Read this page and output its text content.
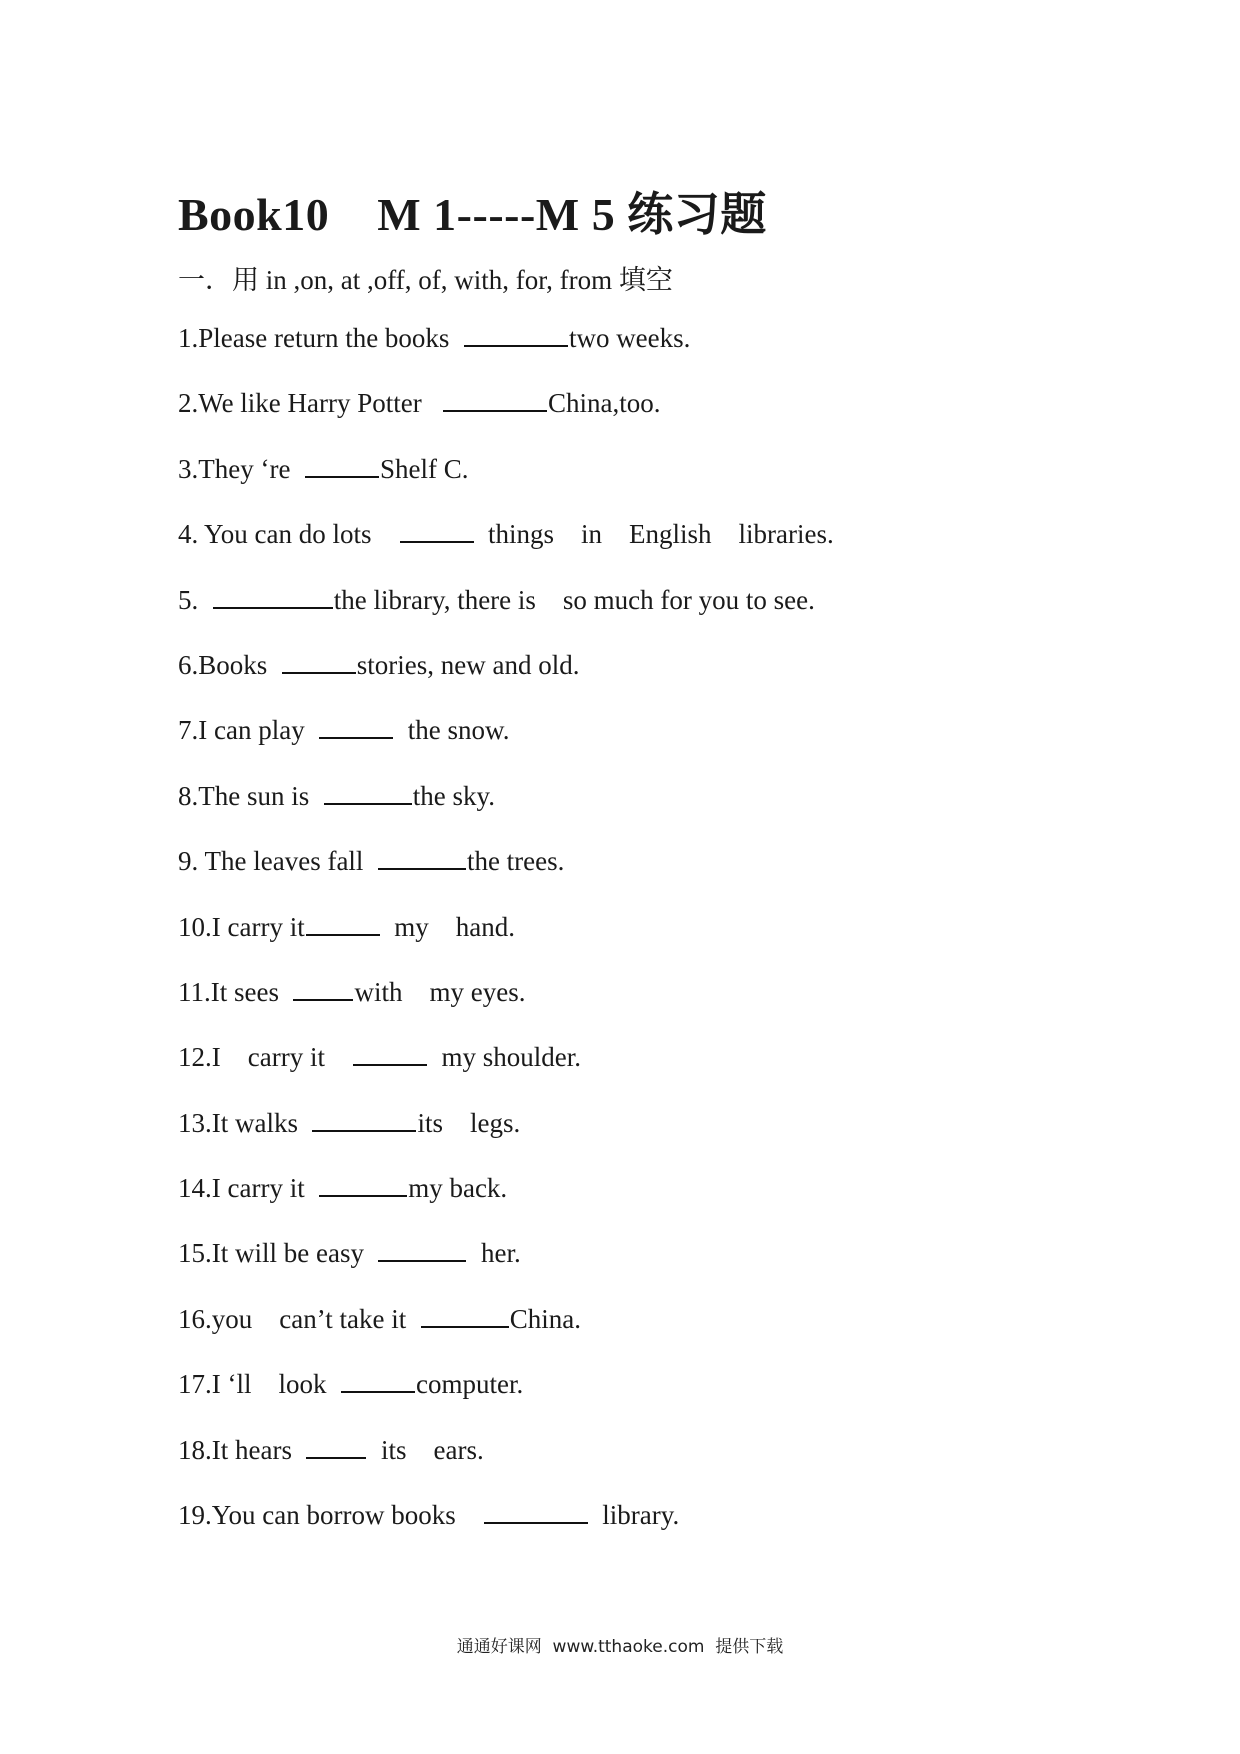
Book10    M 1-----M 5 练习题
一．用 in ,on, at ,off, of, with, for, from 填空
1.Please return the books	two weeks.
2.We like Harry Potter	China,too.
3.They ‘re	Shelf C.
4. You can do lots	things    in    English    libraries.
5.	the library, there is    so much for you to see.
6.Books	stories, new and old.
7.I can play	the snow.
8.The sun is	the sky.
9. The leaves fall	the trees.
10.I carry it	my    hand.
11.It sees  with    my eyes.
12.I    carry it	my shoulder.
13.It walks	its    legs.
14.I carry it	my back.
15.It will be easy	her.
16.you    can’t take it	China.
17.I ‘ll    look	computer.
18.It hears    its    ears.
19.You can borrow books	library.
通通好课网  www.tthaoke.com  提供下载
